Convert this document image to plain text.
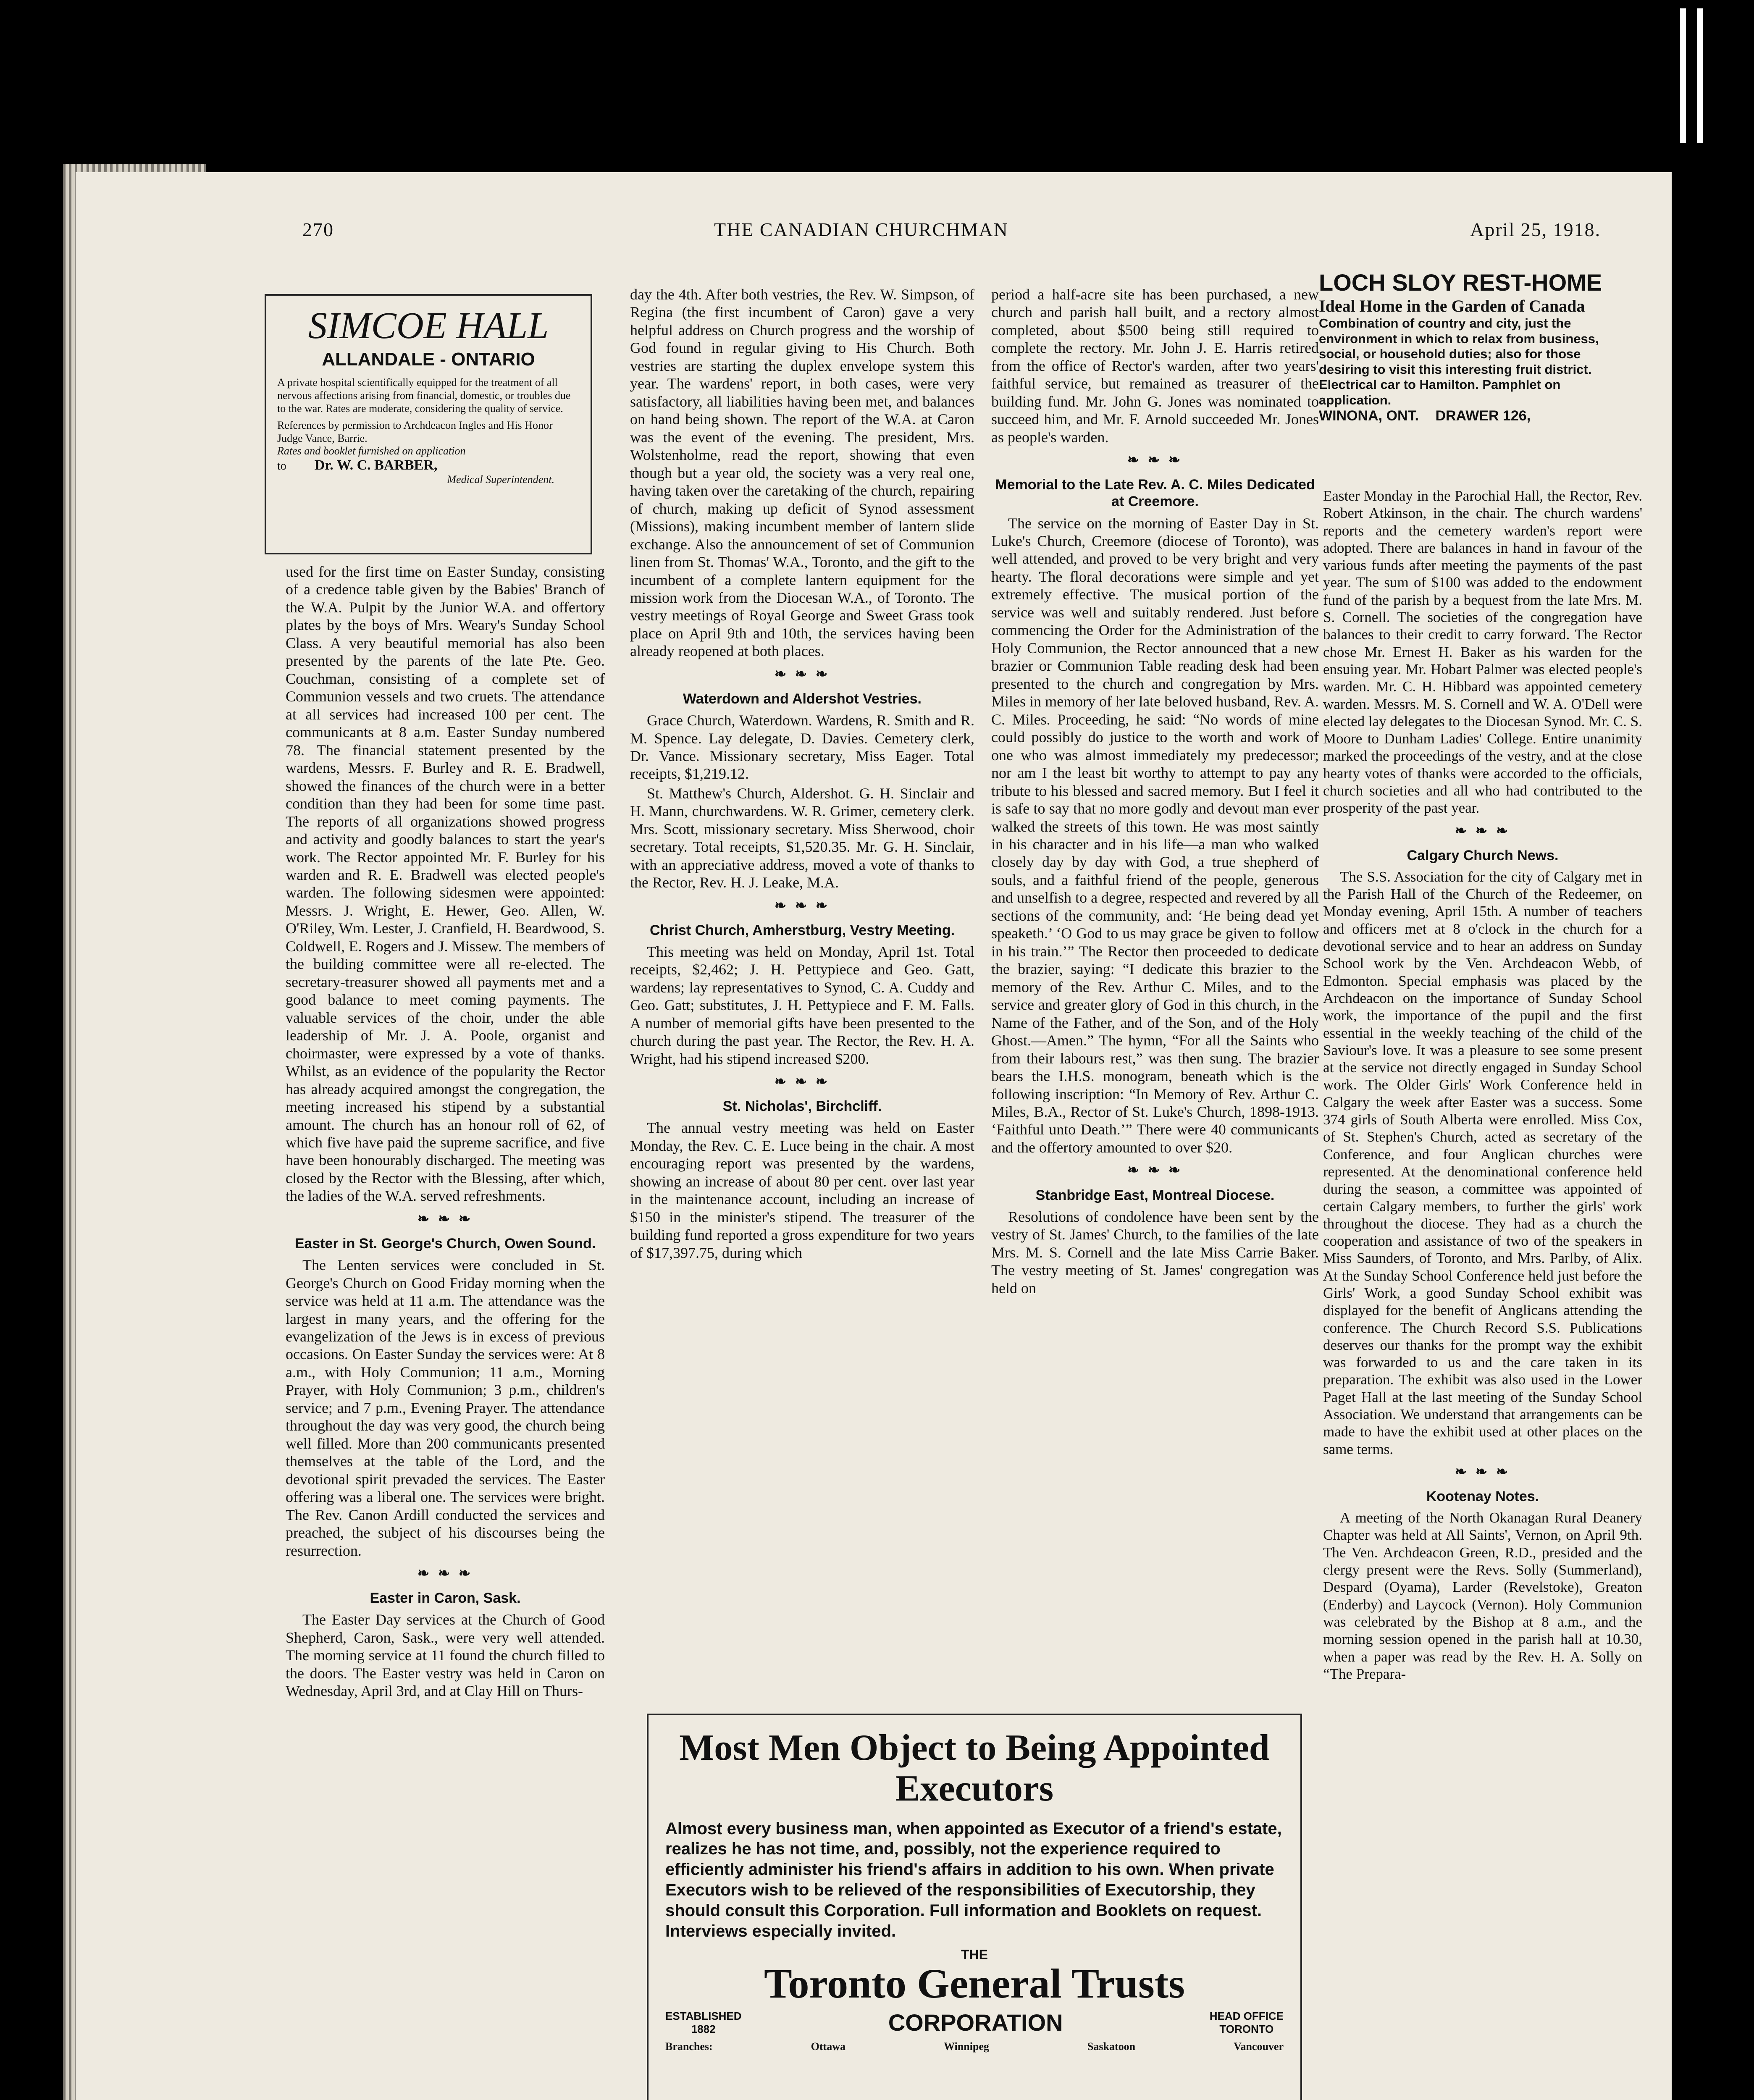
270	THE CANADIAN CHURCHMAN	April 25, 1918.
SIMCOE HALL
ALLANDALE - ONTARIO
A private hospital scientifically equipped for the treatment of all nervous affections arising from financial, domestic, or troubles due to the war. Rates are moderate, considering the quality of service.
References by permission to Archdeacon Ingles and His Honor Judge Vance, Barrie.
Rates and booklet furnished on application
to Dr. W. C. BARBER,
Medical Superintendent.

used for the first time on Easter Sunday, consisting of a credence table given by the Babies' Branch of the W.A. Pulpit by the Junior W.A. and offertory plates by the boys of Mrs. Weary's Sunday School Class. A very beautiful memorial has also been presented by the parents of the late Pte. Geo. Couchman, consisting of a complete set of Communion vessels and two cruets. The attendance at all services had increased 100 per cent. The communicants at 8 a.m. Easter Sunday numbered 78. The financial statement presented by the wardens, Messrs. F. Burley and R. E. Bradwell, showed the finances of the church were in a better condition than they had been for some time past. The reports of all organizations showed progress and activity and goodly balances to start the year's work. The Rector appointed Mr. F. Burley for his warden and R. E. Bradwell was elected people's warden. The following sidesmen were appointed: Messrs. J. Wright, E. Hewer, Geo. Allen, W. O'Riley, Wm. Lester, J. Cranfield, H. Beardwood, S. Coldwell, E. Rogers and J. Missew. The members of the building committee were all re-elected. The secretary-treasurer showed all payments met and a good balance to meet coming payments. The valuable services of the choir, under the able leadership of Mr. J. A. Poole, organist and choirmaster, were expressed by a vote of thanks. Whilst, as an evidence of the popularity the Rector has already acquired amongst the congregation, the meeting increased his stipend by a substantial amount. The church has an honour roll of 62, of which five have paid the supreme sacrifice, and five have been honourably discharged. The meeting was closed by the Rector with the Blessing, after which, the ladies of the W.A. served refreshments.

❧ ❧ ❧
Easter in St. George's Church, Owen Sound.

The Lenten services were concluded in St. George's Church on Good Friday morning when the service was held at 11 a.m. The attendance was the largest in many years, and the offering for the evangelization of the Jews is in excess of previous occasions. On Easter Sunday the services were: At 8 a.m., with Holy Communion; 11 a.m., Morning Prayer, with Holy Communion; 3 p.m., children's service; and 7 p.m., Evening Prayer. The attendance throughout the day was very good, the church being well filled. More than 200 communicants presented themselves at the table of the Lord, and the devotional spirit prevaded the services. The Easter offering was a liberal one. The services were bright. The Rev. Canon Ardill conducted the services and preached, the subject of his discourses being the resurrection.

❧ ❧ ❧
Easter in Caron, Sask.

The Easter Day services at the Church of Good Shepherd, Caron, Sask., were very well attended. The morning service at 11 found the church filled to the doors. The Easter vestry was held in Caron on Wednesday, April 3rd, and at Clay Hill on Thurs-

day the 4th. After both vestries, the Rev. W. Simpson, of Regina (the first incumbent of Caron) gave a very helpful address on Church progress and the worship of God found in regular giving to His Church. Both vestries are starting the duplex envelope system this year. The wardens' report, in both cases, were very satisfactory, all liabilities having been met, and balances on hand being shown. The report of the W.A. at Caron was the event of the evening. The president, Mrs. Wolstenholme, read the report, showing that even though but a year old, the society was a very real one, having taken over the caretaking of the church, repairing of church, making up deficit of Synod assessment (Missions), making incumbent member of lantern slide exchange. Also the announcement of set of Communion linen from St. Thomas' W.A., Toronto, and the gift to the incumbent of a complete lantern equipment for the mission work from the Diocesan W.A., of Toronto. The vestry meetings of Royal George and Sweet Grass took place on April 9th and 10th, the services having been already reopened at both places.

❧ ❧ ❧
Waterdown and Aldershot Vestries.

Grace Church, Waterdown. Wardens, R. Smith and R. M. Spence. Lay delegate, D. Davies. Cemetery clerk, Dr. Vance. Missionary secretary, Miss Eager. Total receipts, $1,219.12.

St. Matthew's Church, Aldershot. G. H. Sinclair and H. Mann, churchwardens. W. R. Grimer, cemetery clerk. Mrs. Scott, missionary secretary. Miss Sherwood, choir secretary. Total receipts, $1,520.35. Mr. G. H. Sinclair, with an appreciative address, moved a vote of thanks to the Rector, Rev. H. J. Leake, M.A.

❧ ❧ ❧
Christ Church, Amherstburg, Vestry Meeting.

This meeting was held on Monday, April 1st. Total receipts, $2,462; J. H. Pettypiece and Geo. Gatt, wardens; lay representatives to Synod, C. A. Cuddy and Geo. Gatt; substitutes, J. H. Pettypiece and F. M. Falls. A number of memorial gifts have been presented to the church during the past year. The Rector, the Rev. H. A. Wright, had his stipend increased $200.

❧ ❧ ❧
St. Nicholas', Birchcliff.

The annual vestry meeting was held on Easter Monday, the Rev. C. E. Luce being in the chair. A most encouraging report was presented by the wardens, showing an increase of about 80 per cent. over last year in the maintenance account, including an increase of $150 in the minister's stipend. The treasurer of the building fund reported a gross expenditure for two years of $17,397.75, during which

period a half-acre site has been purchased, a new church and parish hall built, and a rectory almost completed, about $500 being still required to complete the rectory. Mr. John J. E. Harris retired from the office of Rector's warden, after two years' faithful service, but remained as treasurer of the building fund. Mr. John G. Jones was nominated to succeed him, and Mr. F. Arnold succeeded Mr. Jones as people's warden.

❧ ❧ ❧
Memorial to the Late Rev. A. C. Miles Dedicated at Creemore.

The service on the morning of Easter Day in St. Luke's Church, Creemore (diocese of Toronto), was well attended, and proved to be very bright and very hearty. The floral decorations were simple and yet extremely effective. The musical portion of the service was well and suitably rendered. Just before commencing the Order for the Administration of the Holy Communion, the Rector announced that a new brazier or Communion Table reading desk had been presented to the church and congregation by Mrs. Miles in memory of her late beloved husband, Rev. A. C. Miles. Proceeding, he said: “No words of mine could possibly do justice to the worth and work of one who was almost immediately my predecessor; nor am I the least bit worthy to attempt to pay any tribute to his blessed and sacred memory. But I feel it is safe to say that no more godly and devout man ever walked the streets of this town. He was most saintly in his character and in his life—a man who walked closely day by day with God, a true shepherd of souls, and a faithful friend of the people, generous and unselfish to a degree, respected and revered by all sections of the community, and: ‘He being dead yet speaketh.’ ‘O God to us may grace be given to follow in his train.’” The Rector then proceeded to dedicate the brazier, saying: “I dedicate this brazier to the memory of the Rev. Arthur C. Miles, and to the service and greater glory of God in this church, in the Name of the Father, and of the Son, and of the Holy Ghost.—Amen.” The hymn, “For all the Saints who from their labours rest,” was then sung. The brazier bears the I.H.S. monogram, beneath which is the following inscription: “In Memory of Rev. Arthur C. Miles, B.A., Rector of St. Luke's Church, 1898-1913. ‘Faithful unto Death.’” There were 40 communicants and the offertory amounted to over $20.

❧ ❧ ❧
Stanbridge East, Montreal Diocese.

Resolutions of condolence have been sent by the vestry of St. James' Church, to the families of the late Mrs. M. S. Cornell and the late Miss Carrie Baker. The vestry meeting of St. James' congregation was held on

LOCH SLOY REST-HOME
Ideal Home in the Garden of Canada
Combination of country and city, just the environment in which to relax from business, social, or household duties; also for those desiring to visit this interesting fruit district. Electrical car to Hamilton. Pamphlet on application.
WINONA, ONT. DRAWER 126,

Easter Monday in the Parochial Hall, the Rector, Rev. Robert Atkinson, in the chair. The church wardens' reports and the cemetery warden's report were adopted. There are balances in hand in favour of the various funds after meeting the payments of the past year. The sum of $100 was added to the endowment fund of the parish by a bequest from the late Mrs. M. S. Cornell. The societies of the congregation have balances to their credit to carry forward. The Rector chose Mr. Ernest H. Baker as his warden for the ensuing year. Mr. Hobart Palmer was elected people's warden. Mr. C. H. Hibbard was appointed cemetery warden. Messrs. M. S. Cornell and W. A. O'Dell were elected lay delegates to the Diocesan Synod. Mr. C. S. Moore to Dunham Ladies' College. Entire unanimity marked the proceedings of the vestry, and at the close hearty votes of thanks were accorded to the officials, church societies and all who had contributed to the prosperity of the past year.

❧ ❧ ❧
Calgary Church News.

The S.S. Association for the city of Calgary met in the Parish Hall of the Church of the Redeemer, on Monday evening, April 15th. A number of teachers and officers met at 8 o'clock in the church for a devotional service and to hear an address on Sunday School work by the Ven. Archdeacon Webb, of Edmonton. Special emphasis was placed by the Archdeacon on the importance of Sunday School work, the importance of the pupil and the first essential in the weekly teaching of the child of the Saviour's love. It was a pleasure to see some present at the service not directly engaged in Sunday School work. The Older Girls' Work Conference held in Calgary the week after Easter was a success. Some 374 girls of South Alberta were enrolled. Miss Cox, of St. Stephen's Church, acted as secretary of the Conference, and four Anglican churches were represented. At the denominational conference held during the season, a committee was appointed of certain Calgary members, to further the girls' work throughout the diocese. They had as a church the cooperation and assistance of two of the speakers in Miss Saunders, of Toronto, and Mrs. Parlby, of Alix. At the Sunday School Conference held just before the Girls' Work, a good Sunday School exhibit was displayed for the benefit of Anglicans attending the conference. The Church Record S.S. Publications deserves our thanks for the prompt way the exhibit was forwarded to us and the care taken in its preparation. The exhibit was also used in the Lower Paget Hall at the last meeting of the Sunday School Association. We understand that arrangements can be made to have the exhibit used at other places on the same terms.

❧ ❧ ❧
Kootenay Notes.

A meeting of the North Okanagan Rural Deanery Chapter was held at All Saints', Vernon, on April 9th. The Ven. Archdeacon Green, R.D., presided and the clergy present were the Revs. Solly (Summerland), Despard (Oyama), Larder (Revelstoke), Greaton (Enderby) and Laycock (Vernon). Holy Communion was celebrated by the Bishop at 8 a.m., and the morning session opened in the parish hall at 10.30, when a paper was read by the Rev. H. A. Solly on “The Prepara-

Most Men Object to Being Appointed Executors
Almost every business man, when appointed as Executor of a friend's estate, realizes he has not time, and, possibly, not the experience required to efficiently administer his friend's affairs in addition to his own. When private Executors wish to be relieved of the responsibilities of Executorship, they should consult this Corporation. Full information and Booklets on request. Interviews especially invited.
THE
Toronto General Trusts
ESTABLISHED
1882	CORPORATION	HEAD OFFICE
TORONTO
Branches:	Ottawa	Winnipeg	Saskatoon	Vancouver
